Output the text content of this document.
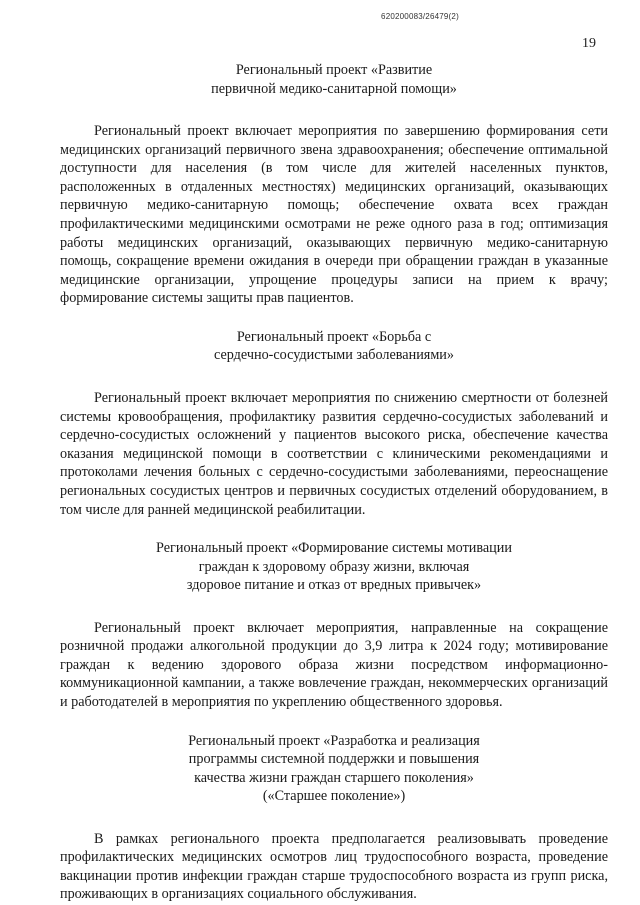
620200083/26479(2)
19
Региональный проект «Развитие
первичной медико-санитарной помощи»

Региональный проект включает мероприятия по завершению формирования сети медицинских организаций первичного звена здравоохранения; обеспечение оптимальной доступности для населения (в том числе для жителей населенных пунктов, расположенных в отдаленных местностях) медицинских организаций, оказывающих первичную медико-санитарную помощь; обеспечение охвата всех граждан профилактическими медицинскими осмотрами не реже одного раза в год; оптимизация работы медицинских организаций, оказывающих первичную медико-санитарную помощь, сокращение времени ожидания в очереди при обращении граждан в указанные медицинские организации, упрощение процедуры записи на прием к врачу; формирование системы защиты прав пациентов.

Региональный проект «Борьба с
сердечно-сосудистыми заболеваниями»

Региональный проект включает мероприятия по снижению смертности от болезней системы кровообращения, профилактику развития сердечно-сосудистых заболеваний и сердечно-сосудистых осложнений у пациентов высокого риска, обеспечение качества оказания медицинской помощи в соответствии с клиническими рекомендациями и протоколами лечения больных с сердечно-сосудистыми заболеваниями, переоснащение региональных сосудистых центров и первичных сосудистых отделений оборудованием, в том числе для ранней медицинской реабилитации.

Региональный проект «Формирование системы мотивации
граждан к здоровому образу жизни, включая
здоровое питание и отказ от вредных привычек»

Региональный проект включает мероприятия, направленные на сокращение розничной продажи алкогольной продукции до 3,9 литра к 2024 году; мотивирование граждан к ведению здорового образа жизни посредством информационно-коммуникационной кампании, а также вовлечение граждан, некоммерческих организаций и работодателей в мероприятия по укреплению общественного здоровья.

Региональный проект «Разработка и реализация
программы системной поддержки и повышения
качества жизни граждан старшего поколения»
(«Старшее поколение»)

В рамках регионального проекта предполагается реализовывать проведение профилактических медицинских осмотров лиц трудоспособного возраста, проведение вакцинации против инфекции граждан старше трудоспособного возраста из групп риска, проживающих в организациях социального обслуживания.
